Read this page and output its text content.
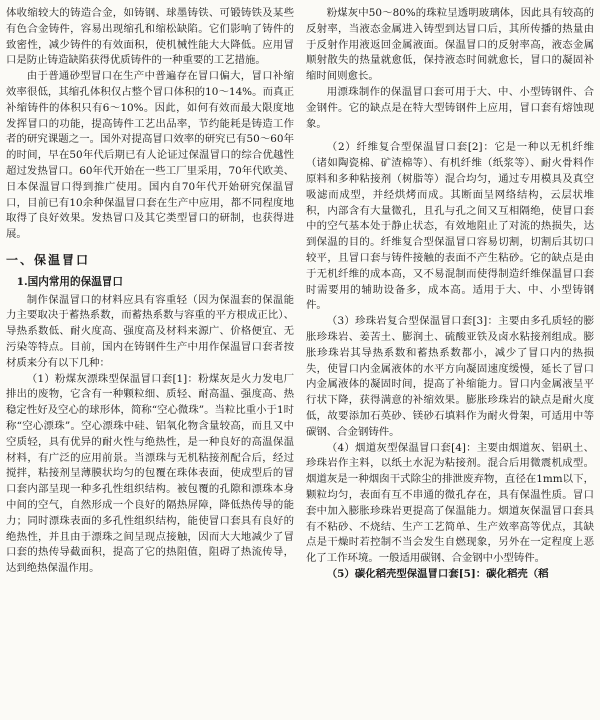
体收缩较大的铸造合金，如铸钢、球墨铸铁、可锻铸铁及某些有色合金铸件，容易出现缩孔和缩松缺陷。它们影响了铸件的致密性，减少铸件的有效面积，使机械性能大大降低。应用冒口是防止铸造缺陷获得优质铸件的一种重要的工艺措施。

由于普通砂型冒口在生产中普遍存在冒口偏大，冒口补缩效率很低，其缩孔体积仅占整个冒口体积的10～14%。而真正补缩铸件的体积只有6～10%。因此，如何有效而最大限度地发挥冒口的功能，提高铸件工艺出品率，节约能耗是铸造工作者的研究课题之一。国外对提高冒口效率的研究已有50～60年的时间，早在50年代后期已有人论证过保温冒口的综合优越性超过发热冒口。60年代开始在一些工厂里采用，70年代欧美、日本保温冒口得到推广使用。国内自70年代开始研究保温冒口，目前已有10余种保温冒口套在生产中应用，都不同程度地取得了良好效果。发热冒口及其它类型冒口的研制，也获得进展。

一、保温冒口
1.国内常用的保温冒口

制作保温冒口的材料应具有容重轻（因为保温套的保温能力主要取决于蓄热系数，而蓄热系数与容重的平方根成正比）、导热系数低、耐火度高、强度高及材料来源广、价格便宜、无污染等特点。目前，国内在铸钢件生产中用作保温冒口套者按材质来分有以下几种：

（1）粉煤灰漂珠型保温冒口套[1]：粉煤灰是火力发电厂排出的废物，它含有一种颗粒细、质轻、耐高温、强度高、热稳定性好及空心的球形体，简称“空心微珠”。当粒比重小于1时称“空心漂珠”。空心漂珠中硅、铝氧化物含量较高，而且又中空质轻，具有优异的耐火性与绝热性，是一种良好的高温保温材料，有广泛的应用前景。当漂珠与无机粘接剂配合后，经过搅拌，粘接剂呈薄膜状均匀的包覆在珠体表面，使成型后的冒口套内部呈现一种多孔性组织结构。被包覆的孔隙和漂珠本身中间的空气，自然形成一个良好的隔热屏障，降低热传导的能力；同时漂珠表面的多孔性组织结构，能使冒口套具有良好的绝热性，并且由于漂珠之间呈现点接触，因而大大地减少了冒口套的热传导截面积，提高了它的热阻值，阻碍了热流传导，达到绝热保温作用。

粉煤灰中50～80%的珠粒呈透明玻璃体，因此具有较高的反射率，当液态金属进入铸型到达冒口后，其所传播的热量由于反射作用液返回金属液面。保温冒口的反射率高，液态金属顺射散失的热量就愈低，保持液态时间就愈长，冒口的凝固补缩时间则愈长。

用漂珠制作的保温冒口套可用于大、中、小型铸钢件、合金钢件。它的缺点是在特大型铸钢件上应用，冒口套有熔蚀现象。

（2）纤维复合型保温冒口套[2]：它是一种以无机纤维（诸如陶瓷棉、矿渣棉等）、有机纤维（纸浆等）、耐火骨料作原料和多种粘接剂（树脂等）混合均匀，通过专用模具及真空吸滤而成型，并经烘烤而成。其断面呈网络结构，云层状堆积，内部含有大量微孔，且孔与孔之间又互相隔绝，使冒口套中的空气基本处于静止状态，有效地阻止了对流的热损失，达到保温的目的。纤维复合型保温冒口容易切割，切割后其切口较平，且冒口套与铸件接触的表面不产生粘砂。它的缺点是由于无机纤维的成本高，又不易混制而使得制造纤维保温冒口套时需要用的辅助设备多，成本高。适用于大、中、小型铸钢件。

（3）珍珠岩复合型保温冒口套[3]：主要由多孔质轻的膨胀珍珠岩、姜苦土、膨润土、硫酸亚铁及卤水粘接剂组成。膨胀珍珠岩其导热系数和蓄热系数都小，减少了冒口内的热损失，使冒口内金属液体的水平方向凝固速度缓慢，延长了冒口内金属液体的凝固时间，提高了补缩能力。冒口内金属液呈平行状下降，获得满意的补缩效果。膨胀珍珠岩的缺点是耐火度低，故要添加石英砂、镁砂石填料作为耐火骨架，可适用中等碳钢、合金钢铸件。

（4）烟道灰型保温冒口套[4]：主要由烟道灰、铝矾土、珍珠岩作主料，以纸土水泥为粘接剂。混合后用微震机成型。烟道灰是一种烟囱干式除尘的排泄废弃物，直径在1mm以下，颗粒均匀，表面有互不串通的微孔存在，具有保温性质。冒口套中加入膨胀珍珠岩更提高了保温能力。烟道灰保温冒口套具有不粘砂、不烧结、生产工艺简单、生产效率高等优点，其缺点是干燥时若控制不当会发生自燃现象，另外在一定程度上恶化了工作环境。一般适用碳钢、合金钢中小型铸件。

（5）碳化稻壳型保温冒口套[5]：碳化稻壳（稻
